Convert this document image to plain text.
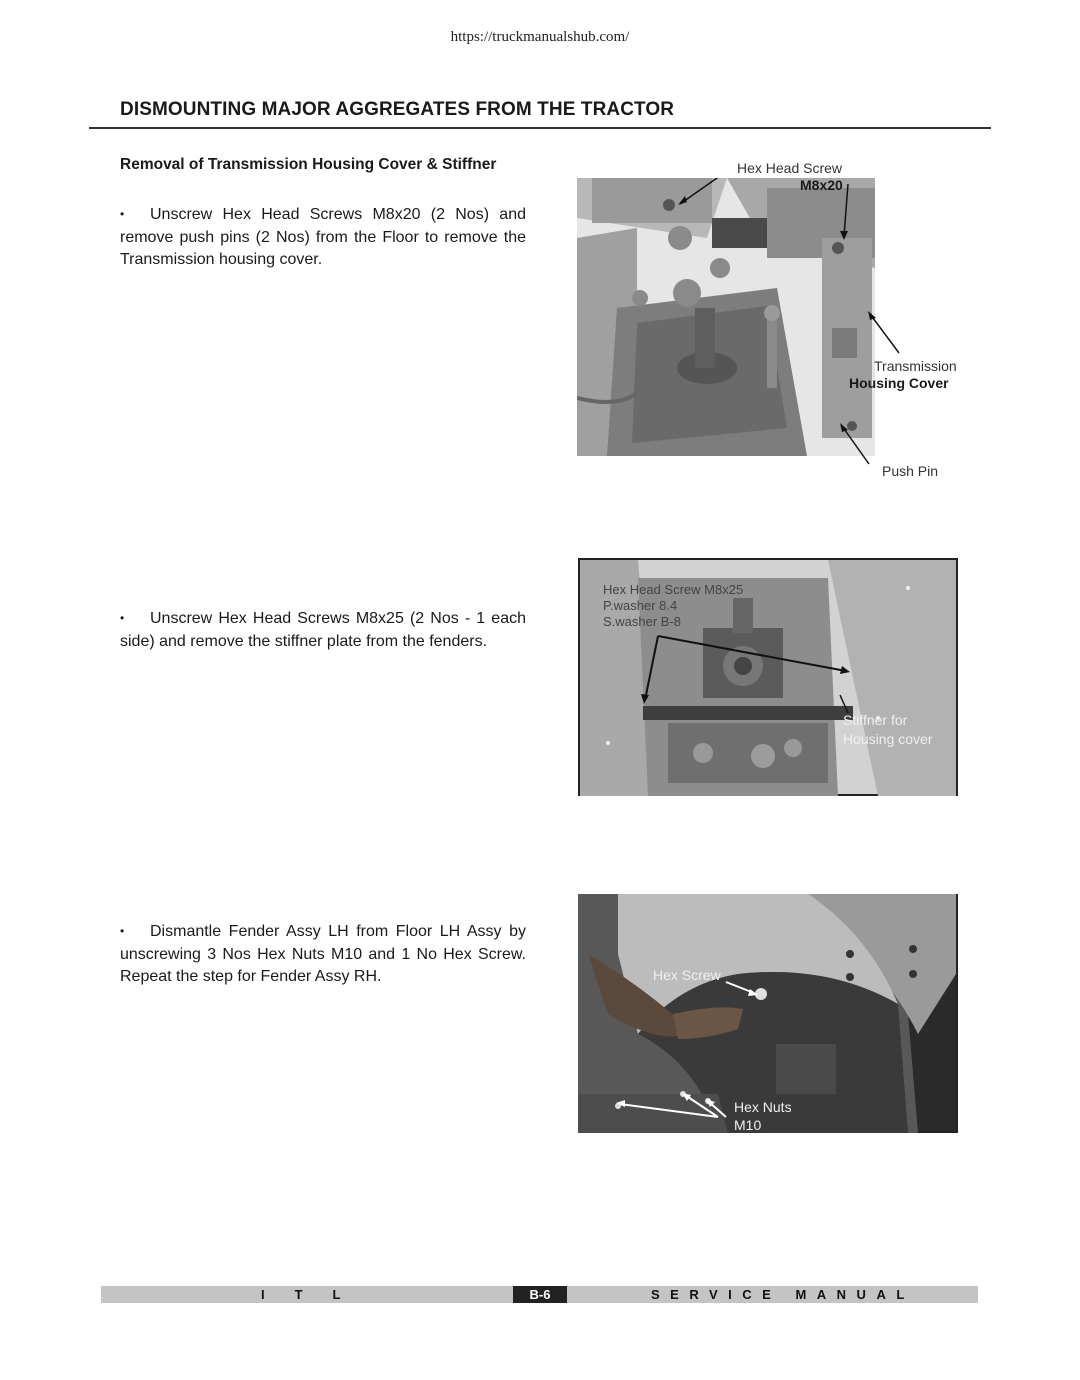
https://truckmanualshub.com/
DISMOUNTING MAJOR AGGREGATES FROM THE TRACTOR
Removal of Transmission Housing Cover & Stiffner
• Unscrew Hex Head Screws M8x20 (2 Nos) and remove push pins (2 Nos) from the Floor to remove the Transmission housing cover.
Hex Head Screw
M8x20
Transmission
Housing Cover
Push Pin
• Unscrew Hex Head Screws M8x25 (2 Nos - 1 each side) and remove the stiffner plate from the fenders.
Hex Head Screw M8x25
P.washer 8.4
S.washer B-8
Stiffner for
Housing cover
• Dismantle Fender Assy LH from Floor LH Assy by unscrewing 3 Nos Hex Nuts M10 and 1 No Hex Screw. Repeat the step for Fender Assy RH.	Hex Screw
Hex Nuts
M10
ITL	B-6	SERVICE MANUAL
